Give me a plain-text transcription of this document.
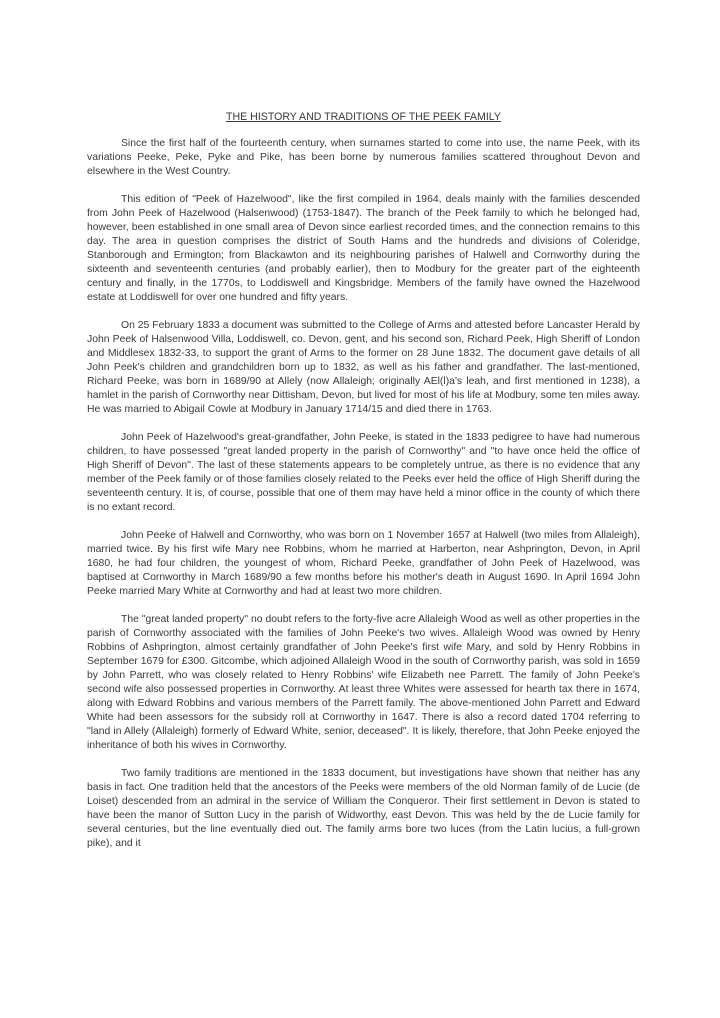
THE HISTORY AND TRADITIONS OF THE PEEK FAMILY

Since the first half of the fourteenth century, when surnames started to come into use, the name Peek, with its variations Peeke, Peke, Pyke and Pike, has been borne by numerous families scattered throughout Devon and elsewhere in the West Country.

This edition of "Peek of Hazelwood", like the first compiled in 1964, deals mainly with the families descended from John Peek of Hazelwood (Halsenwood) (1753-1847). The branch of the Peek family to which he belonged had, however, been established in one small area of Devon since earliest recorded times, and the connection remains to this day. The area in question comprises the district of South Hams and the hundreds and divisions of Coleridge, Stanborough and Ermington; from Blackawton and its neighbouring parishes of Halwell and Cornworthy during the sixteenth and seventeenth centuries (and probably earlier), then to Modbury for the greater part of the eighteenth century and finally, in the 1770s, to Loddiswell and Kingsbridge. Members of the family have owned the Hazelwood estate at Loddiswell for over one hundred and fifty years.

On 25 February 1833 a document was submitted to the College of Arms and attested before Lancaster Herald by John Peek of Halsenwood Villa, Loddiswell, co. Devon, gent, and his second son, Richard Peek, High Sheriff of London and Middlesex 1832-33, to support the grant of Arms to the former on 28 June 1832. The document gave details of all John Peek's children and grandchildren born up to 1832, as well as his father and grandfather. The last-mentioned, Richard Peeke, was born in 1689/90 at Allely (now Allaleigh; originally AEl(l)a's leah, and first mentioned in 1238), a hamlet in the parish of Cornworthy near Dittisham, Devon, but lived for most of his life at Modbury, some ten miles away. He was married to Abigail Cowle at Modbury in January 1714/15 and died there in 1763.

John Peek of Hazelwood's great-grandfather, John Peeke, is stated in the 1833 pedigree to have had numerous children, to have possessed "great landed property in the parish of Cornworthy" and "to have once held the office of High Sheriff of Devon". The last of these statements appears to be completely untrue, as there is no evidence that any member of the Peek family or of those families closely related to the Peeks ever held the office of High Sheriff during the seventeenth century. It is, of course, possible that one of them may have held a minor office in the county of which there is no extant record.

John Peeke of Halwell and Cornworthy, who was born on 1 November 1657 at Halwell (two miles from Allaleigh), married twice. By his first wife Mary nee Robbins, whom he married at Harberton, near Ashprington, Devon, in April 1680, he had four children, the youngest of whom, Richard Peeke, grandfather of John Peek of Hazelwood, was baptised at Cornworthy in March 1689/90 a few months before his mother's death in August 1690. In April 1694 John Peeke married Mary White at Cornworthy and had at least two more children.

The "great landed property" no doubt refers to the forty-five acre Allaleigh Wood as well as other properties in the parish of Cornworthy associated with the families of John Peeke's two wives. Allaleigh Wood was owned by Henry Robbins of Ashprington, almost certainly grandfather of John Peeke's first wife Mary, and sold by Henry Robbins in September 1679 for £300. Gitcombe, which adjoined Allaleigh Wood in the south of Cornworthy parish, was sold in 1659 by John Parrett, who was closely related to Henry Robbins' wife Elizabeth nee Parrett. The family of John Peeke's second wife also possessed properties in Cornworthy. At least three Whites were assessed for hearth tax there in 1674, along with Edward Robbins and various members of the Parrett family. The above-mentioned John Parrett and Edward White had been assessors for the subsidy roll at Cornworthy in 1647. There is also a record dated 1704 referring to "land in Allely (Allaleigh) formerly of Edward White, senior, deceased". It is likely, therefore, that John Peeke enjoyed the inheritance of both his wives in Cornworthy.

Two family traditions are mentioned in the 1833 document, but investigations have shown that neither has any basis in fact. One tradition held that the ancestors of the Peeks were members of the old Norman family of de Lucie (de Loiset) descended from an admiral in the service of William the Conqueror. Their first settlement in Devon is stated to have been the manor of Sutton Lucy in the parish of Widworthy, east Devon. This was held by the de Lucie family for several centuries, but the line eventually died out. The family arms bore two luces (from the Latin lucius, a full-grown pike), and it
